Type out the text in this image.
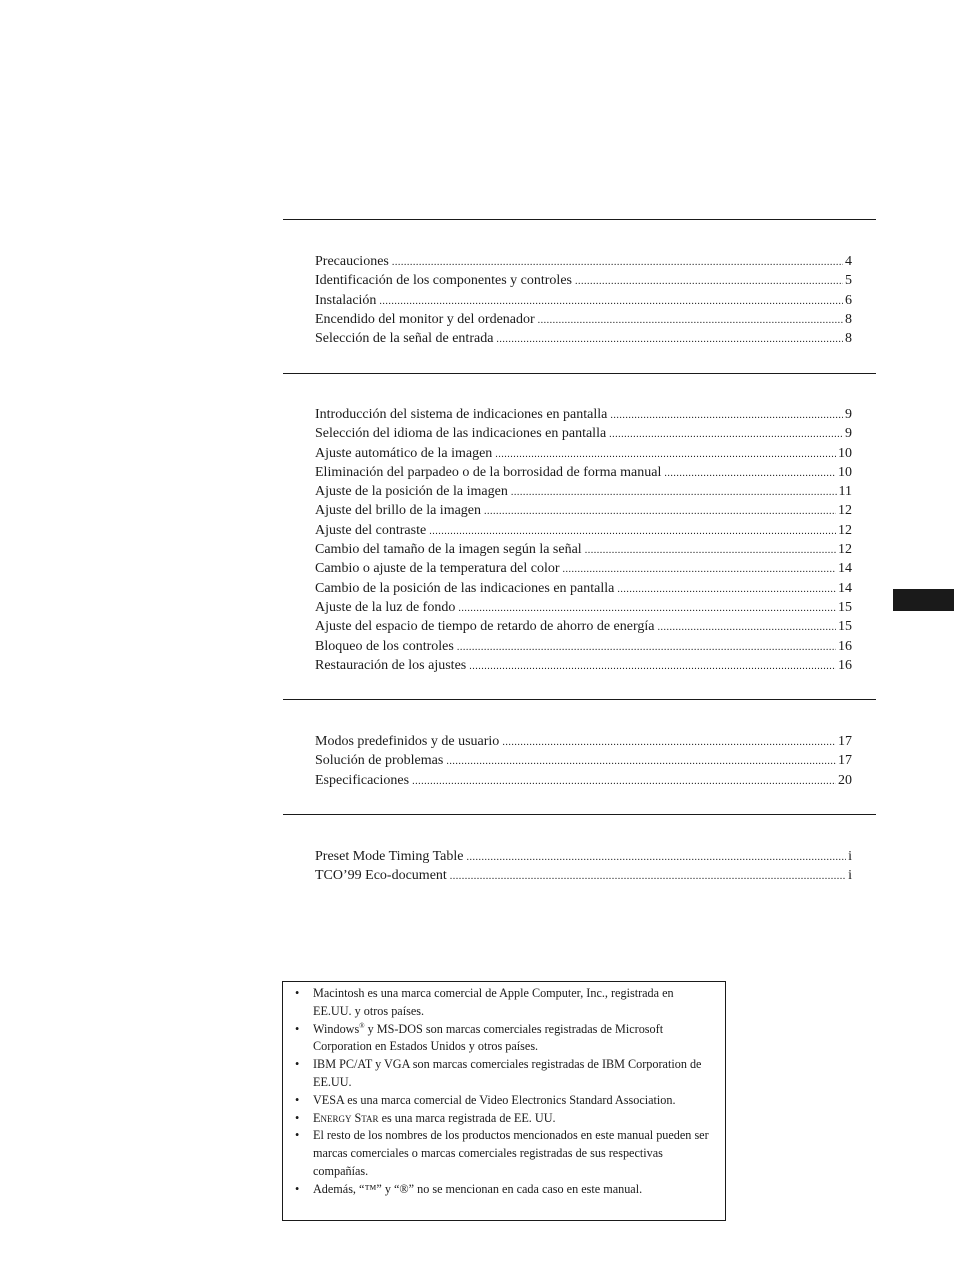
Precauciones .....	4
Identificación de los componentes y controles .....	5
Instalación .....	6
Encendido del monitor y del ordenador .....	8
Selección de la señal de entrada .....	8
Introducción del sistema de indicaciones en pantalla .....	9
Selección del idioma de las indicaciones en pantalla .....	9
Ajuste automático de la imagen .....	10
Eliminación del parpadeo o de la borrosidad de forma manual .....	10
Ajuste de la posición de la imagen .....	11
Ajuste del brillo de la imagen .....	12
Ajuste del contraste .....	12
Cambio del tamaño de la imagen según la señal .....	12
Cambio o ajuste de la temperatura del color .....	14
Cambio de la posición de las indicaciones en pantalla .....	14
Ajuste de la luz de fondo .....	15
Ajuste del espacio de tiempo de retardo de ahorro de energía .....	15
Bloqueo de los controles .....	16
Restauración de los ajustes .....	16
Modos predefinidos y de usuario .....	17
Solución de problemas .....	17
Especificaciones .....	20
Preset Mode Timing Table .....	i
TCO’99 Eco-document .....	i
• Macintosh es una marca comercial de Apple Computer, Inc., registrada en EE.UU. y otros países.
• Windows® y MS-DOS son marcas comerciales registradas de Microsoft Corporation en Estados Unidos y otros países.
• IBM PC/AT y VGA son marcas comerciales registradas de IBM Corporation de EE.UU.
• VESA es una marca comercial de Video Electronics Standard Association.
• Energy Star es una marca registrada de EE. UU.
• El resto de los nombres de los productos mencionados en este manual pueden ser marcas comerciales o marcas comerciales registradas de sus respectivas compañías.
• Además, “™” y “®” no se mencionan en cada caso en este manual.
